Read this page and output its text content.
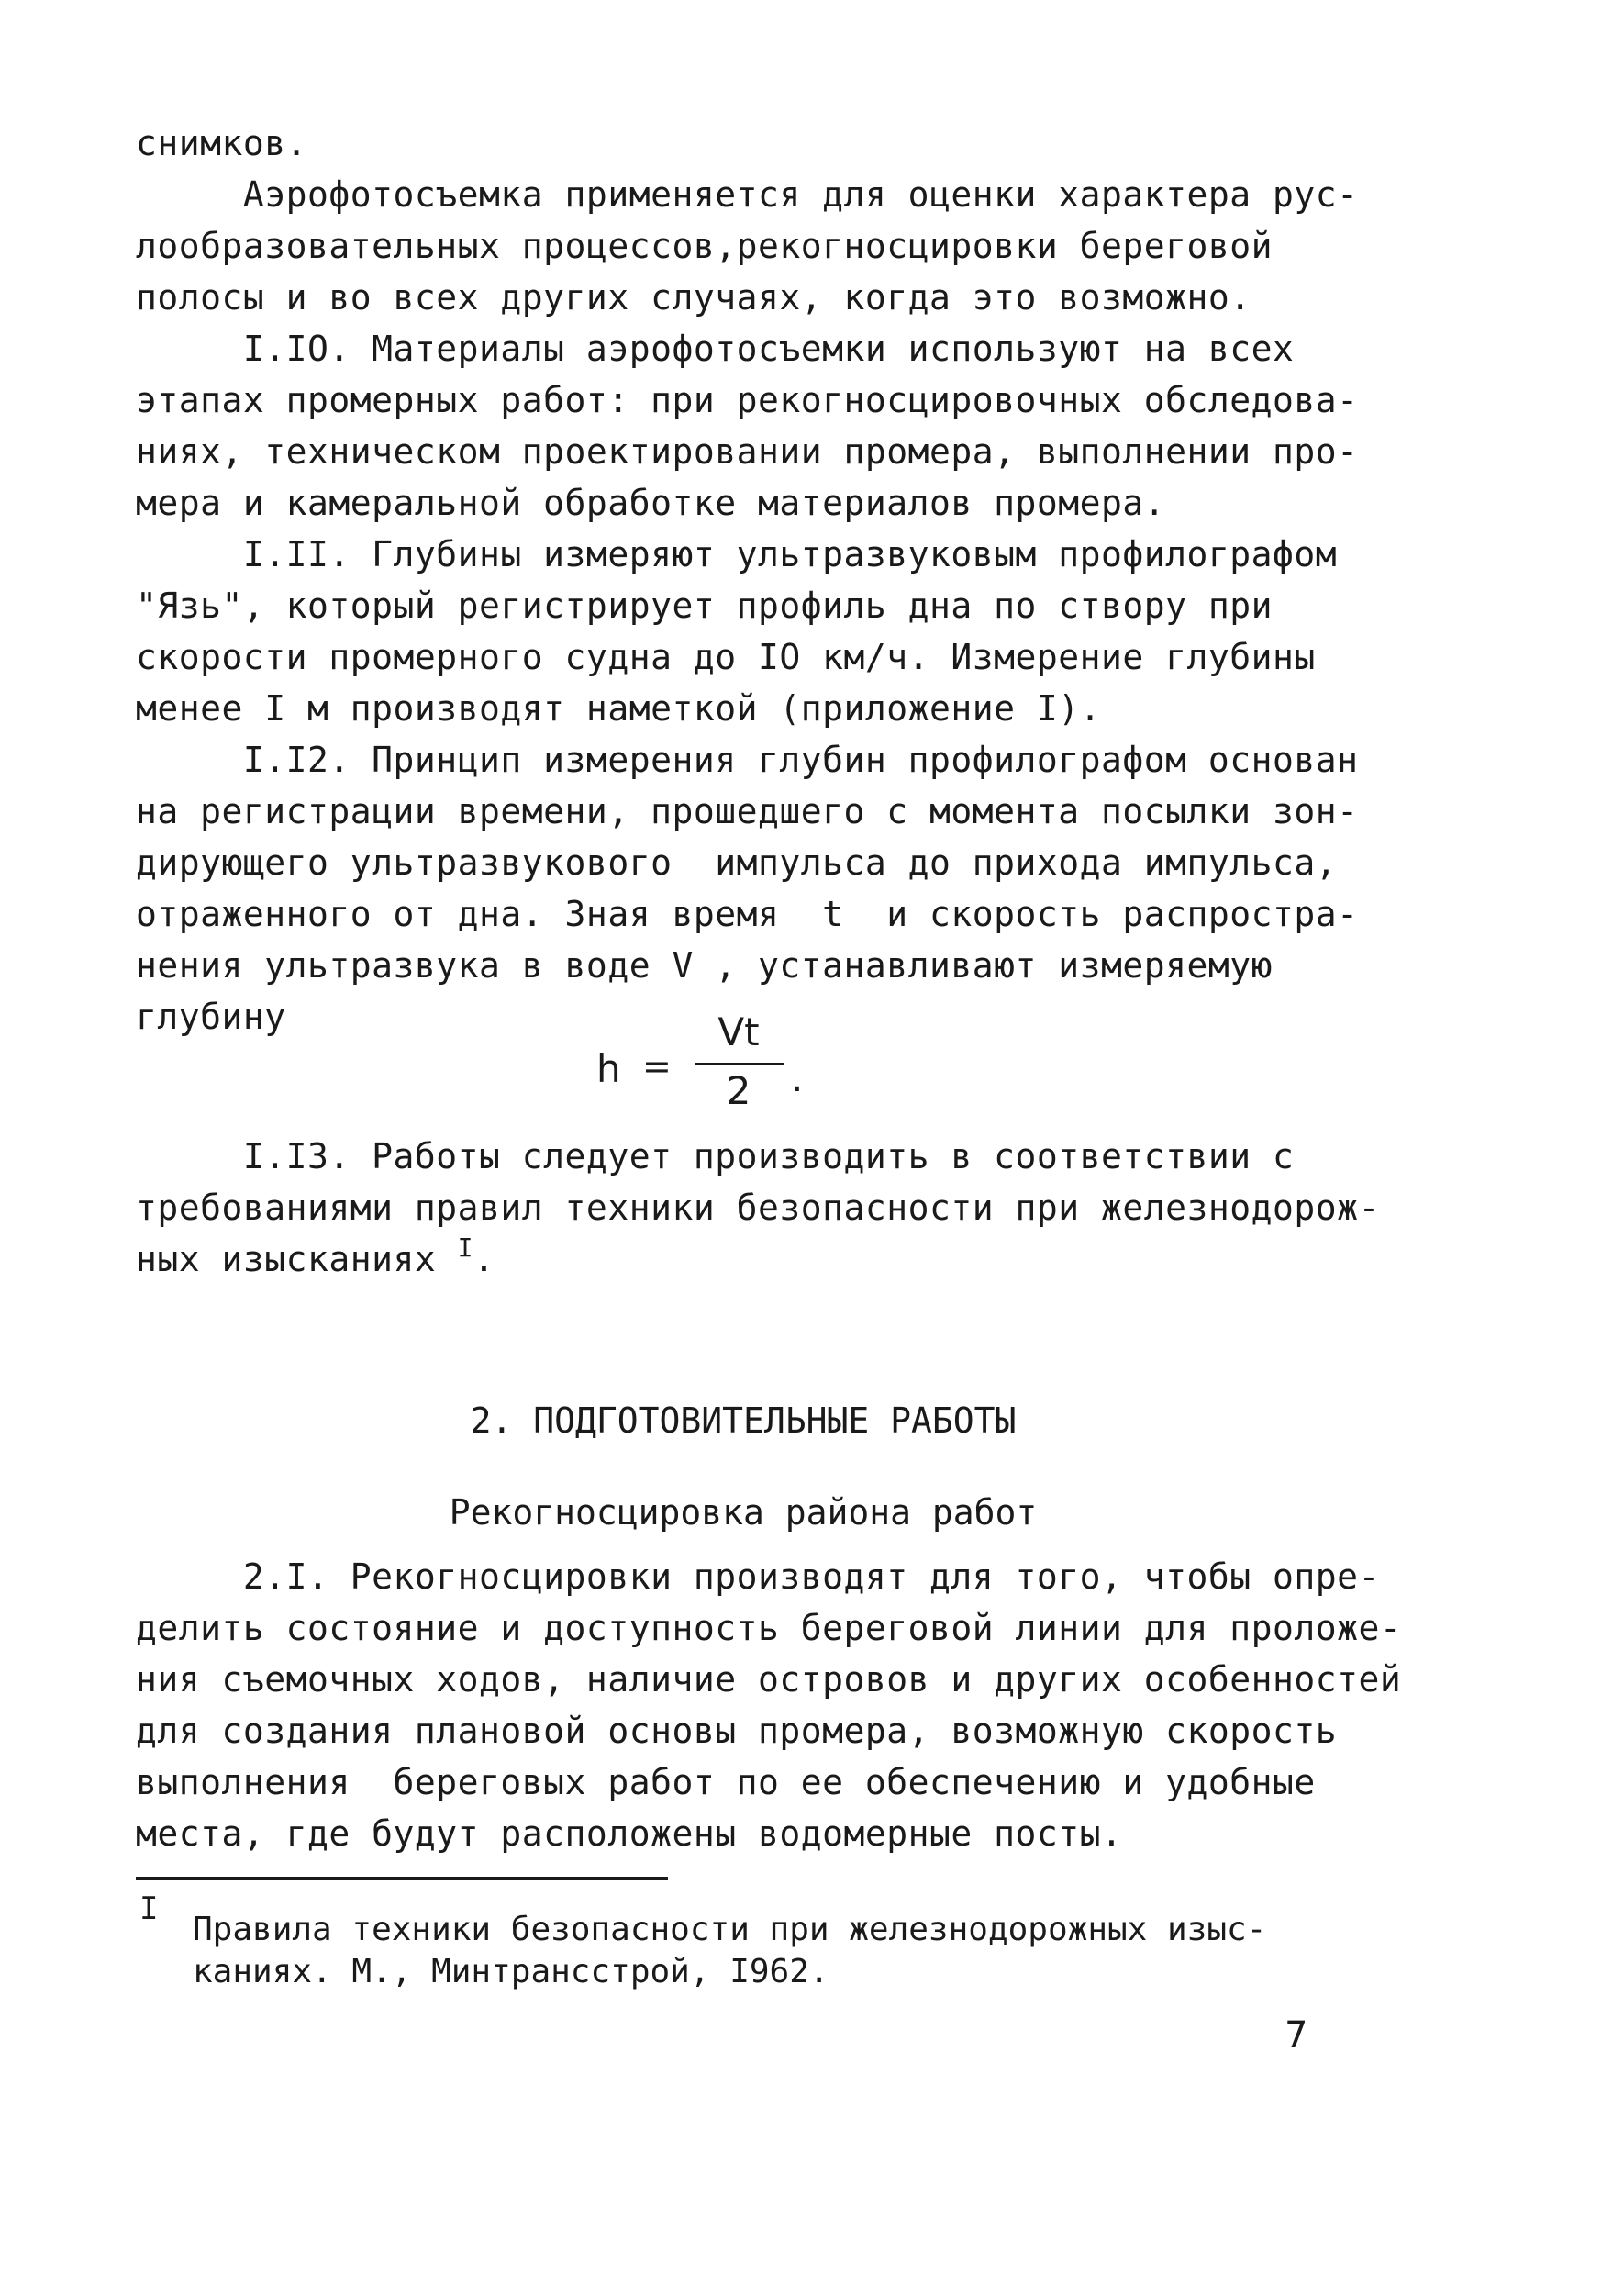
снимков.
Аэрофотосъемка применяется для оценки характера рус-
лообразовательных процессов,рекогносцировки береговой
полосы и во всех других случаях, когда это возможно.
I.IO. Материалы аэрофотосъемки используют на всех
этапах промерных работ: при рекогносцировочных обследова-
ниях, техническом проектировании промера, выполнении про-
мера и камеральной обработке материалов промера.
I.II. Глубины измеряют ультразвуковым профилографом
"Язь", который регистрирует профиль дна по створу при
скорости промерного судна до IO км/ч. Измерение глубины
менее I м производят наметкой (приложение I).
I.I2. Принцип измерения глубин профилографом основан
на регистрации времени, прошедшего с момента посылки зон-
дирующего ультразвукового  импульса до прихода импульса,
отраженного от дна. Зная время  t  и скорость распростра-
нения ультразвука в воде V , устанавливают измеряемую
глубину
h =
Vt
2	.
I.I3. Работы следует производить в соответствии с
требованиями правил техники безопасности при железнодорож-
ных изысканиях $^I$.
2. ПОДГОТОВИТЕЛЬНЫЕ РАБОТЫ
Рекогносцировка района работ
2.I. Рекогносцировки производят для того, чтобы опре-
делить состояние и доступность береговой линии для проложе-
ния съемочных ходов, наличие островов и других особенностей
для создания плановой основы промера, возможную скорость
выполнения  береговых работ по ее обеспечению и удобные
места, где будут расположены водомерные посты.
I
Правила техники безопасности при железнодорожных изыс-
каниях. М., Минтрансстрой, I962.
7
